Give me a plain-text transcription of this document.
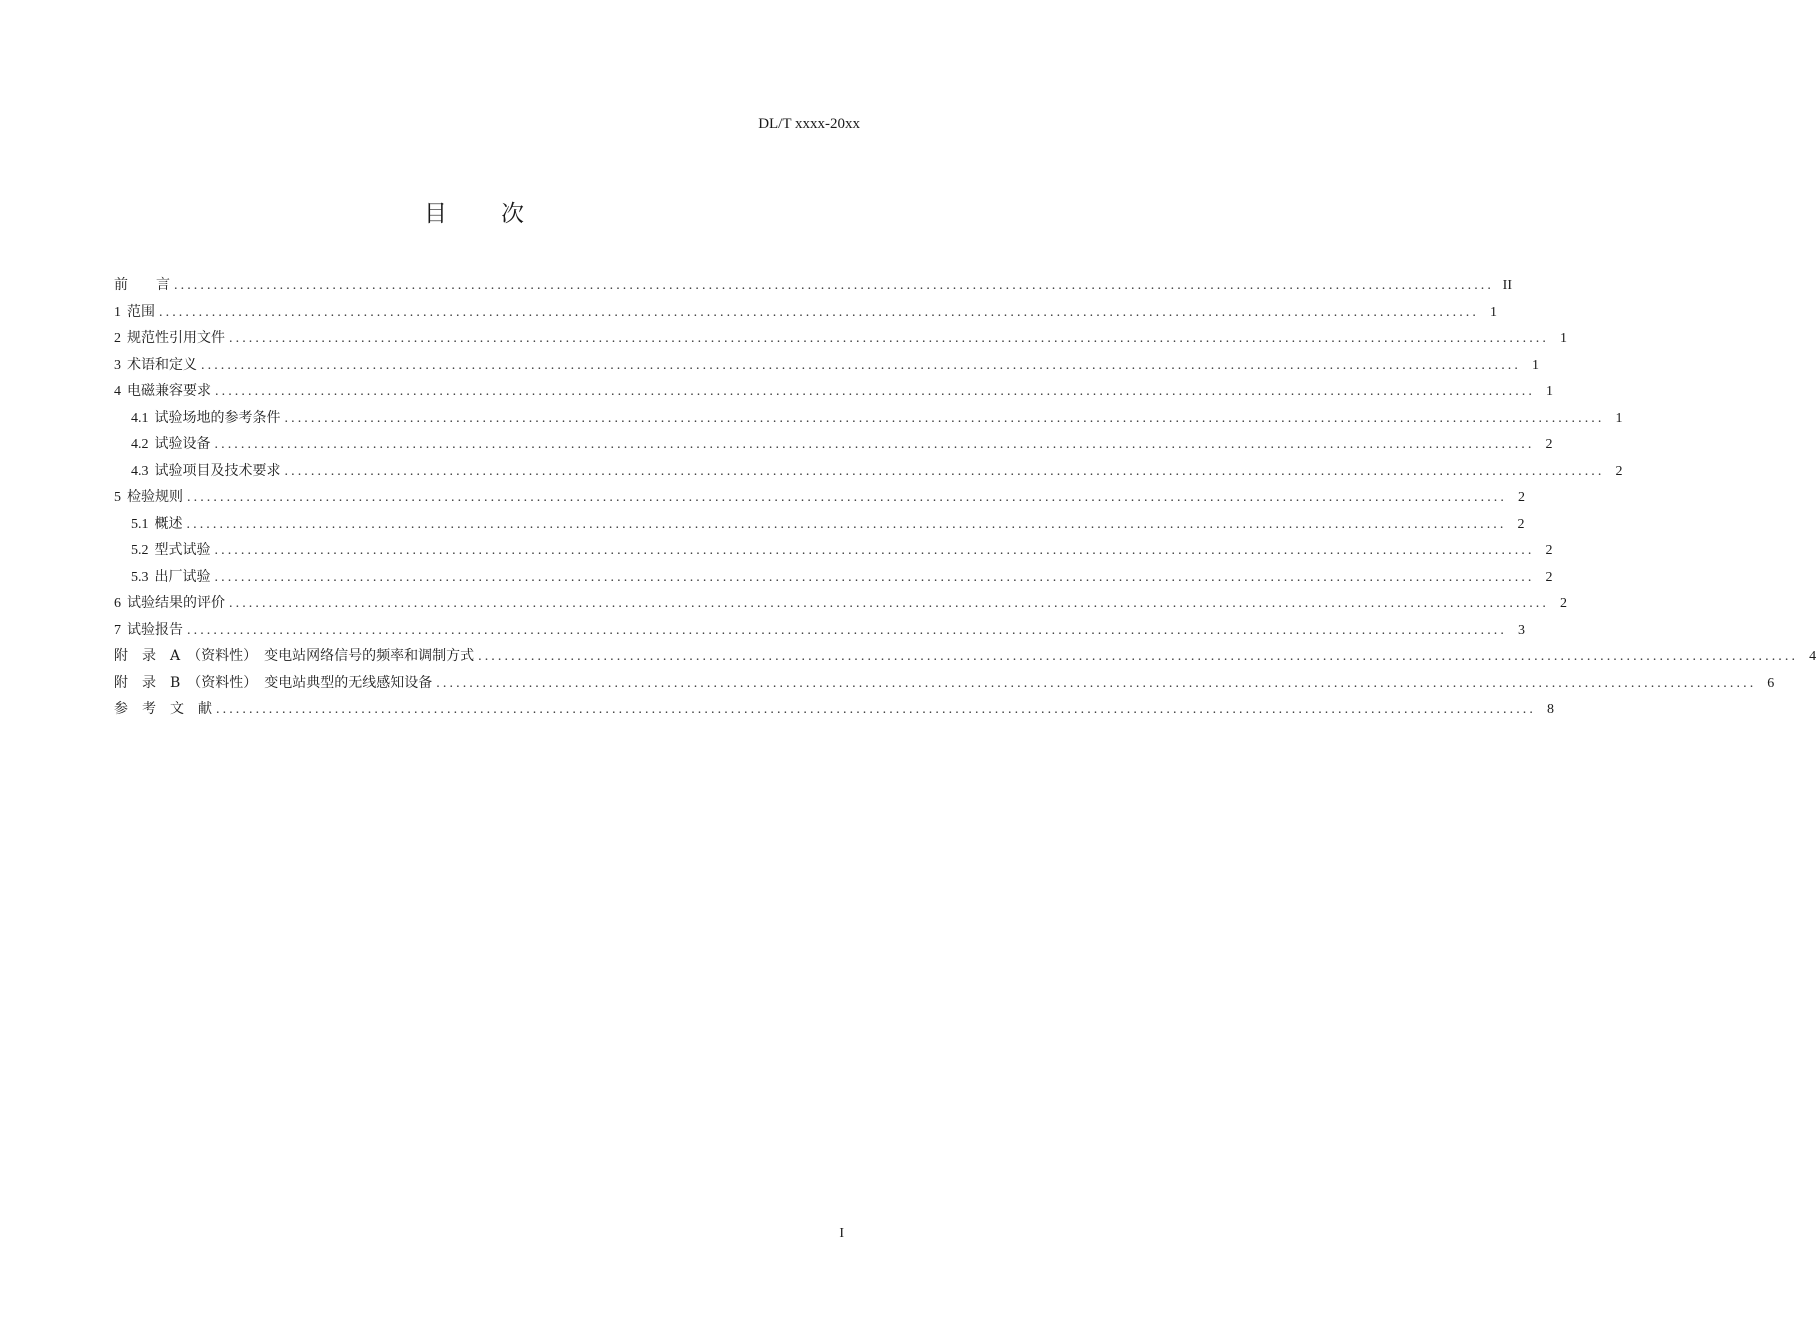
DL/T xxxx-20xx
目 次
前　　言 ........................................................................................................................................................................................................ II
1 范围 ........................................................................................................................................................................................................ 1
2 规范性引用文件 ........................................................................................................................................................................................................ 1
3 术语和定义 ........................................................................................................................................................................................................ 1
4 电磁兼容要求 ........................................................................................................................................................................................................ 1
4.1 试验场地的参考条件 ........................................................................................................................................................................................................ 1
4.2 试验设备 ........................................................................................................................................................................................................ 2
4.3 试验项目及技术要求 ........................................................................................................................................................................................................ 2
5 检验规则 ........................................................................................................................................................................................................ 2
5.1 概述 ........................................................................................................................................................................................................ 2
5.2 型式试验 ........................................................................................................................................................................................................ 2
5.3 出厂试验 ........................................................................................................................................................................................................ 2
6 试验结果的评价 ........................................................................................................................................................................................................ 2
7 试验报告 ........................................................................................................................................................................................................ 3
附　录　A　（资料性）　变电站网络信号的频率和调制方式 ........................................................................................................................................................................................................ 4
附　录　B　（资料性）　变电站典型的无线感知设备 ........................................................................................................................................................................................................ 6
参　考　文　献 ........................................................................................................................................................................................................ 8
I
